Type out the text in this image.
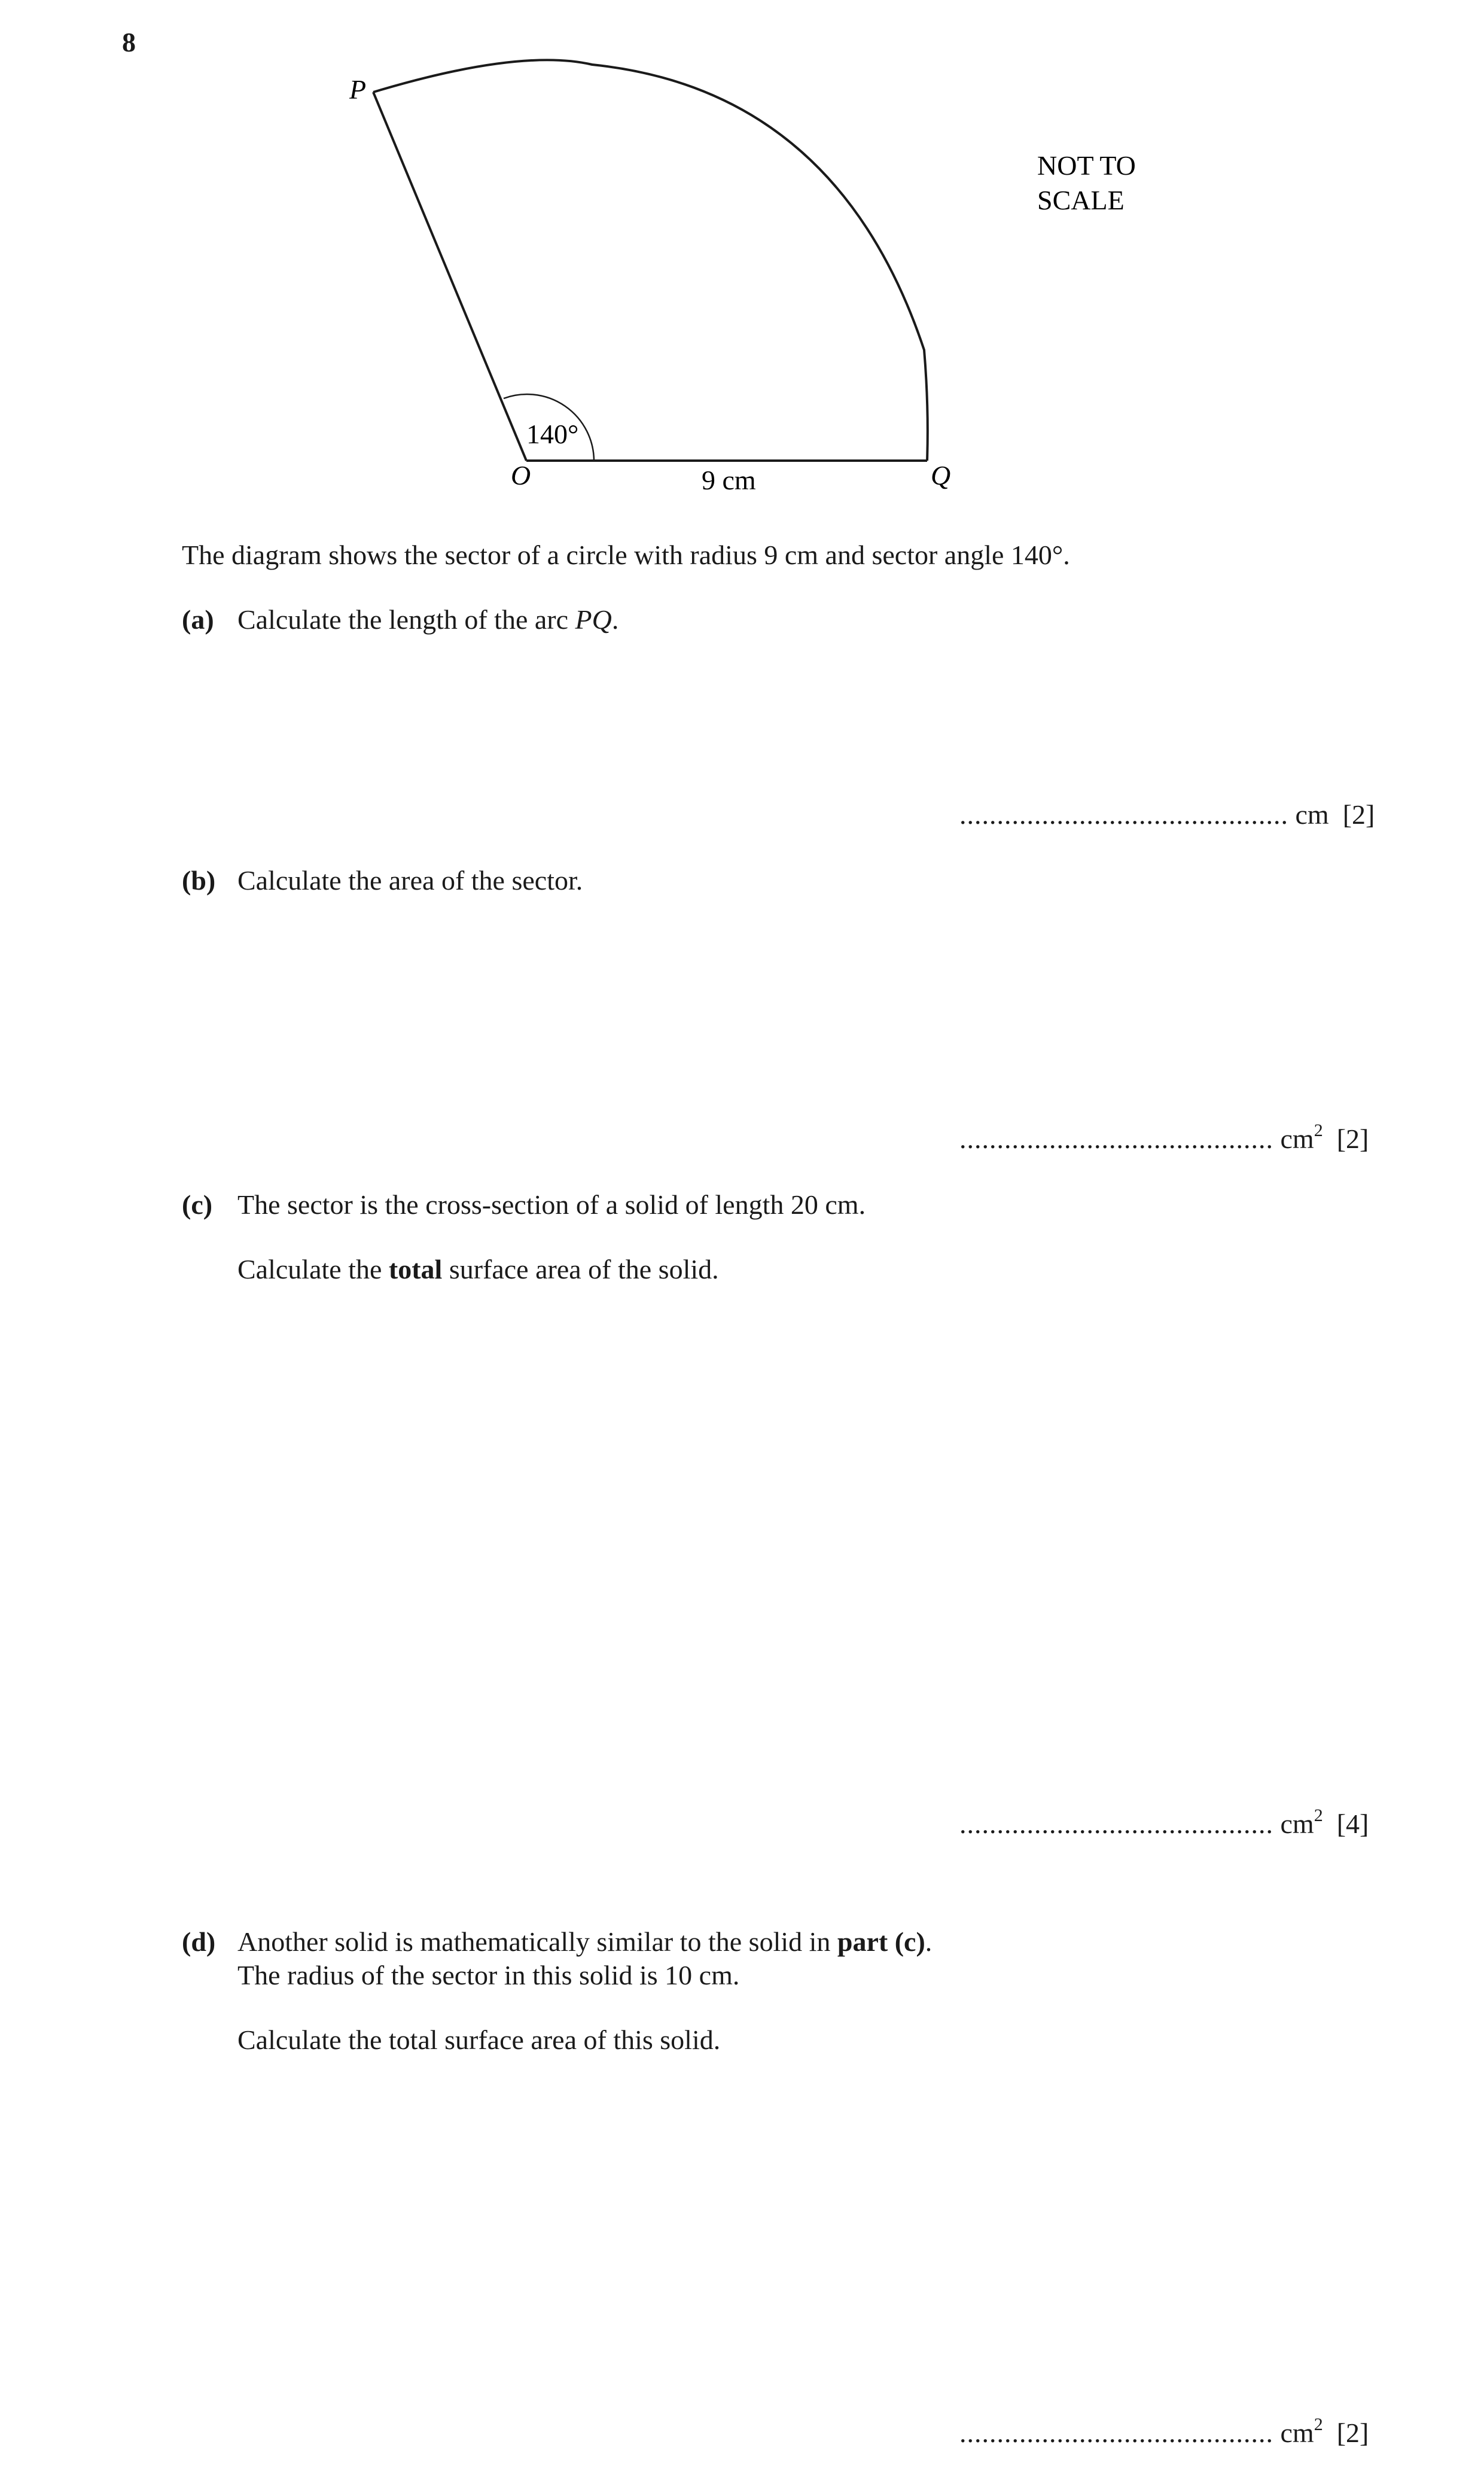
8
P
O	Q
140°
9 cm
NOT TO
SCALE
The diagram shows the sector of a circle with radius 9 cm and sector angle 140°.
(a) Calculate the length of the arc PQ.
............................................ cm [2]
(b) Calculate the area of the sector.
.......................................... $cm^2$ [2]
(c) The sector is the cross-section of a solid of length 20 cm.
Calculate the total surface area of the solid.
.......................................... $cm^2$ [4]
(d) Another solid is mathematically similar to the solid in part (c).
The radius of the sector in this solid is 10 cm.
Calculate the total surface area of this solid.
.......................................... $cm^2$ [2]
